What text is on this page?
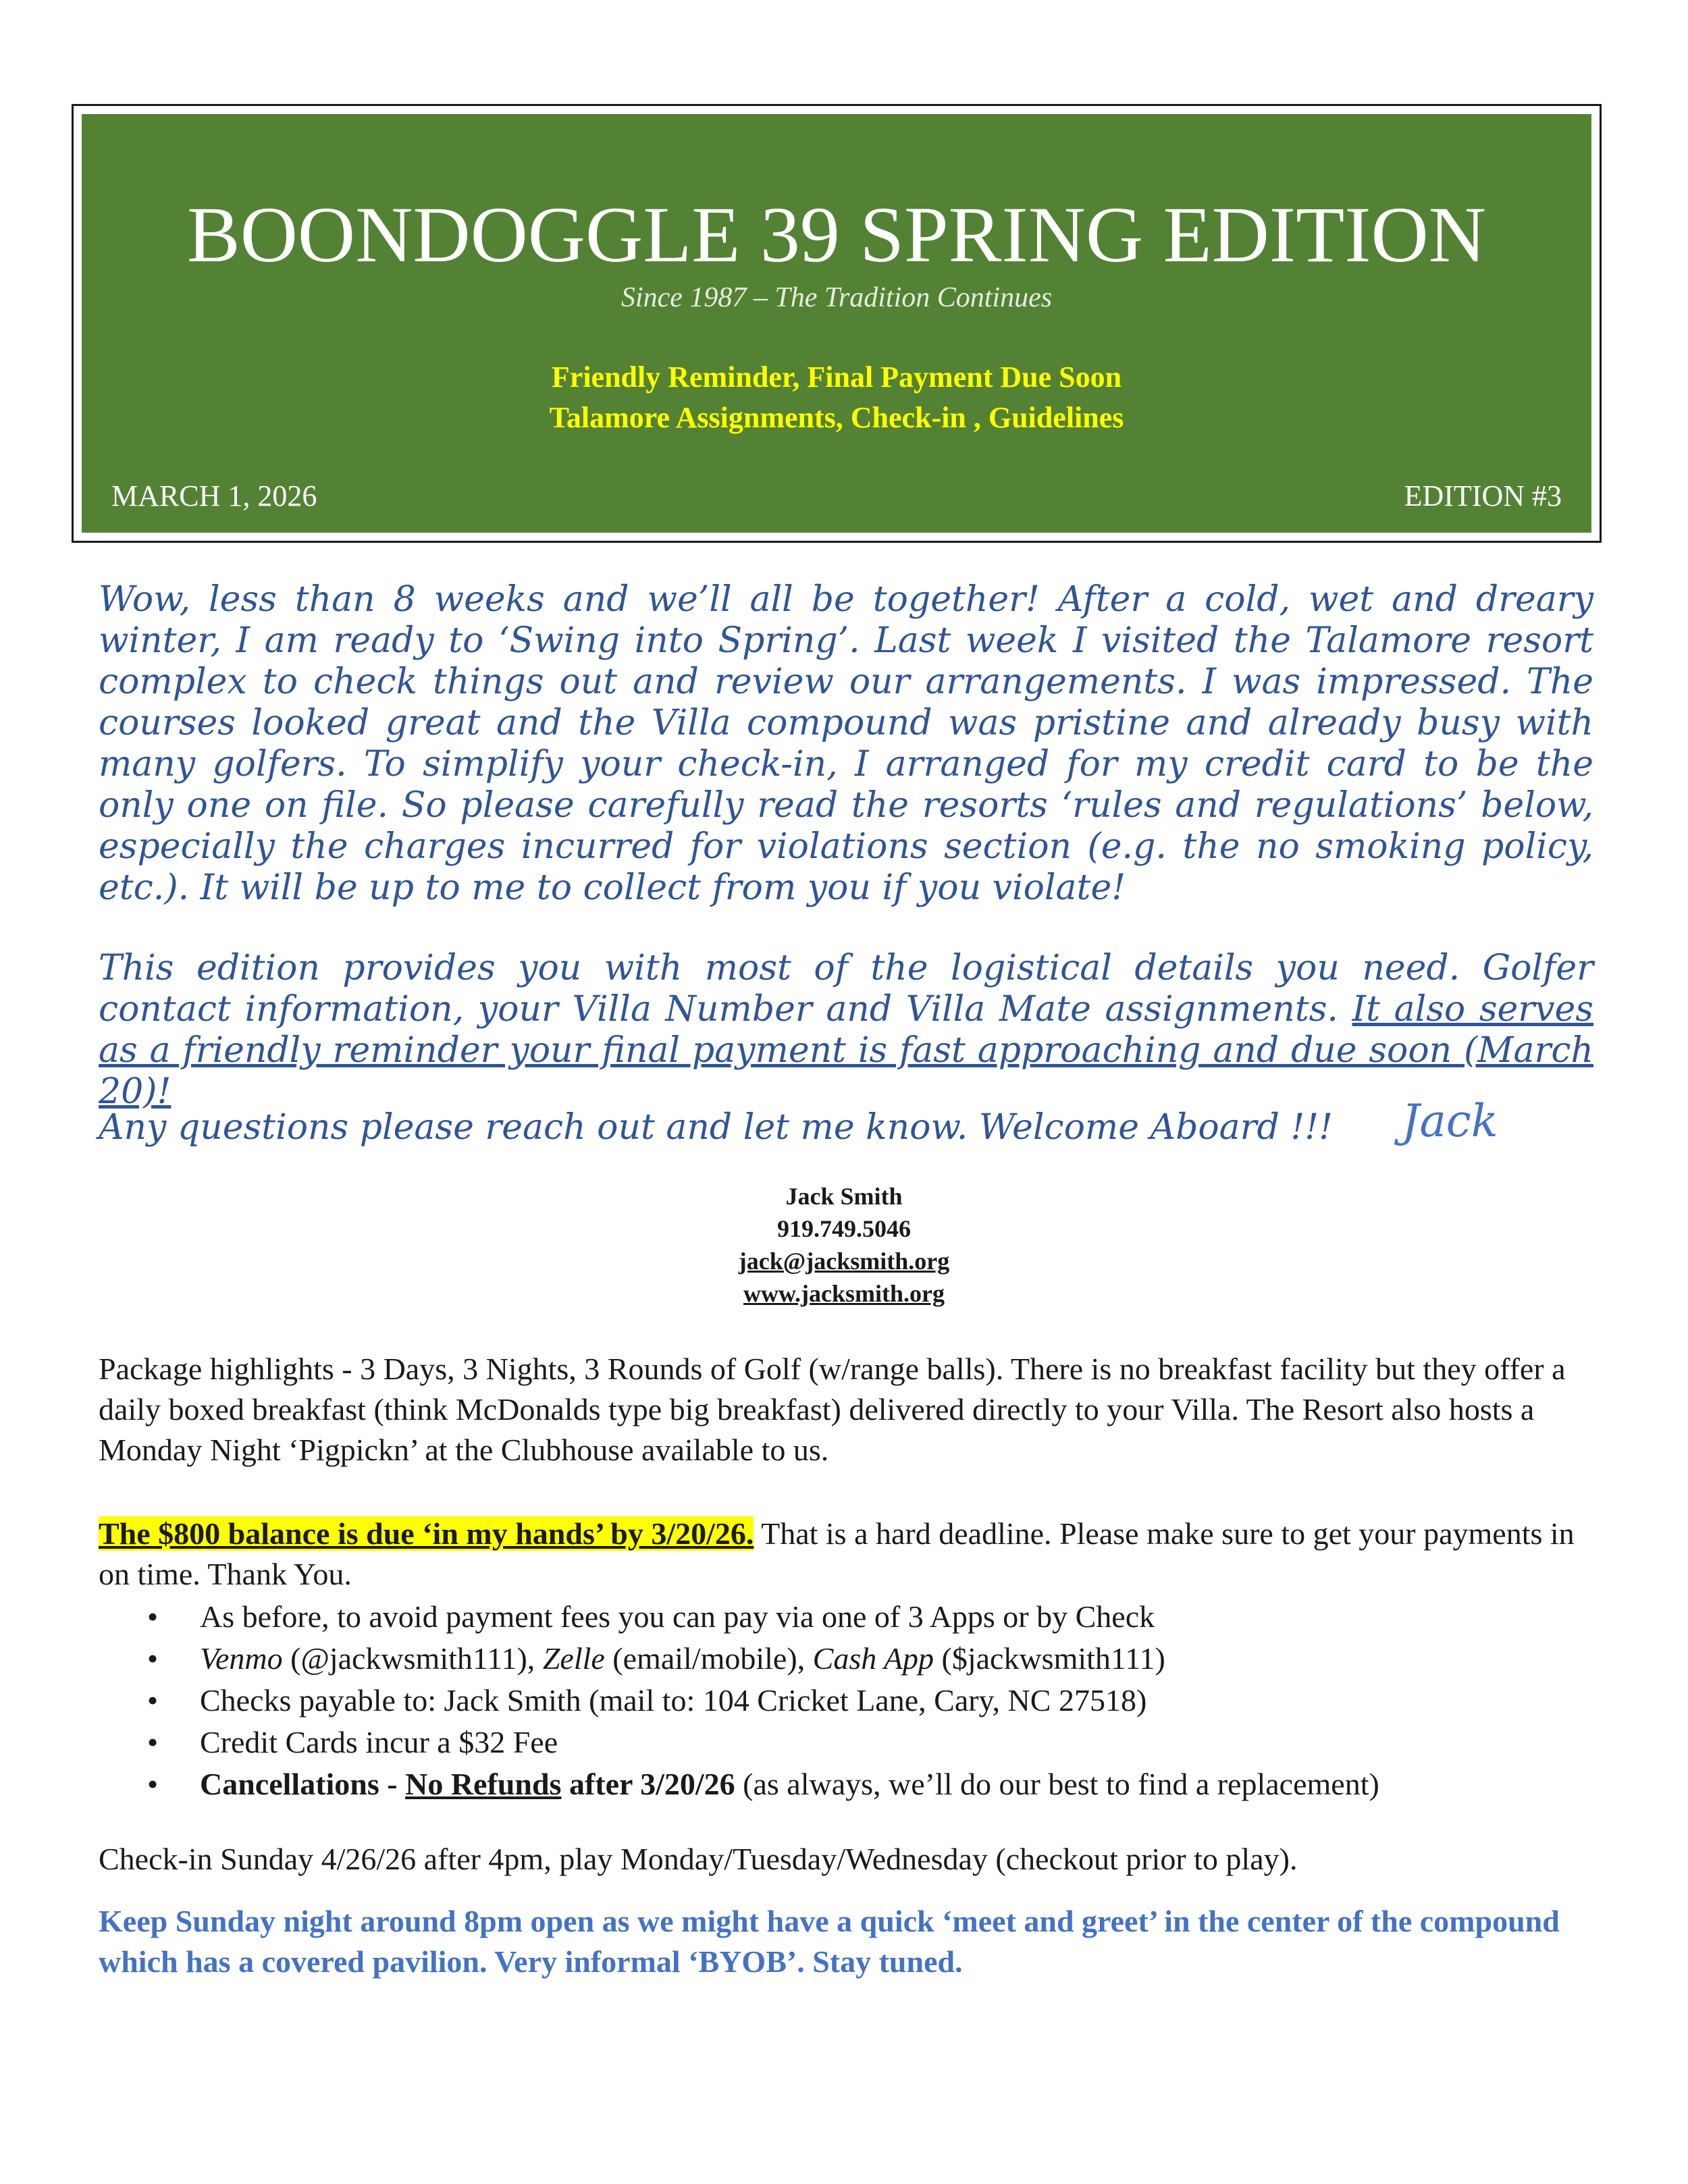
BOONDOGGLE 39 SPRING EDITION
Since 1987 – The Tradition Continues
Friendly Reminder, Final Payment Due Soon
Talamore Assignments, Check-in , Guidelines
MARCH 1, 2026	EDITION #3
Wow, less than 8 weeks and we’ll all be together! After a cold, wet and dreary winter, I am ready to ‘Swing into Spring’. Last week I visited the Talamore resort complex to check things out and review our arrangements. I was impressed. The courses looked great and the Villa compound was pristine and already busy with many golfers. To simplify your check-in, I arranged for my credit card to be the only one on file. So please carefully read the resorts ‘rules and regulations’ below, especially the charges incurred for violations section (e.g. the no smoking policy, etc.). It will be up to me to collect from you if you violate!
This edition provides you with most of the logistical details you need. Golfer contact information, your Villa Number and Villa Mate assignments. It also serves as a friendly reminder your final payment is fast approaching and due soon (March 20)!
Any questions please reach out and let me know. Welcome Aboard !!!	Jack
Jack Smith
919.749.5046
jack@jacksmith.org
www.jacksmith.org
Package highlights - 3 Days, 3 Nights, 3 Rounds of Golf (w/range balls). There is no breakfast facility but they offer a daily boxed breakfast (think McDonalds type big breakfast) delivered directly to your Villa. The Resort also hosts a Monday Night ‘Pigpickn’ at the Clubhouse available to us.
The $800 balance is due ‘in my hands’ by 3/20/26. That is a hard deadline. Please make sure to get your payments in on time. Thank You.
• As before, to avoid payment fees you can pay via one of 3 Apps or by Check
• Venmo (@jackwsmith111), Zelle (email/mobile), Cash App ($jackwsmith111)
• Checks payable to: Jack Smith (mail to: 104 Cricket Lane, Cary, NC 27518)
• Credit Cards incur a $32 Fee
• Cancellations - No Refunds after 3/20/26 (as always, we’ll do our best to find a replacement)
Check-in Sunday 4/26/26 after 4pm, play Monday/Tuesday/Wednesday (checkout prior to play).
Keep Sunday night around 8pm open as we might have a quick ‘meet and greet’ in the center of the compound which has a covered pavilion. Very informal ‘BYOB’. Stay tuned.
